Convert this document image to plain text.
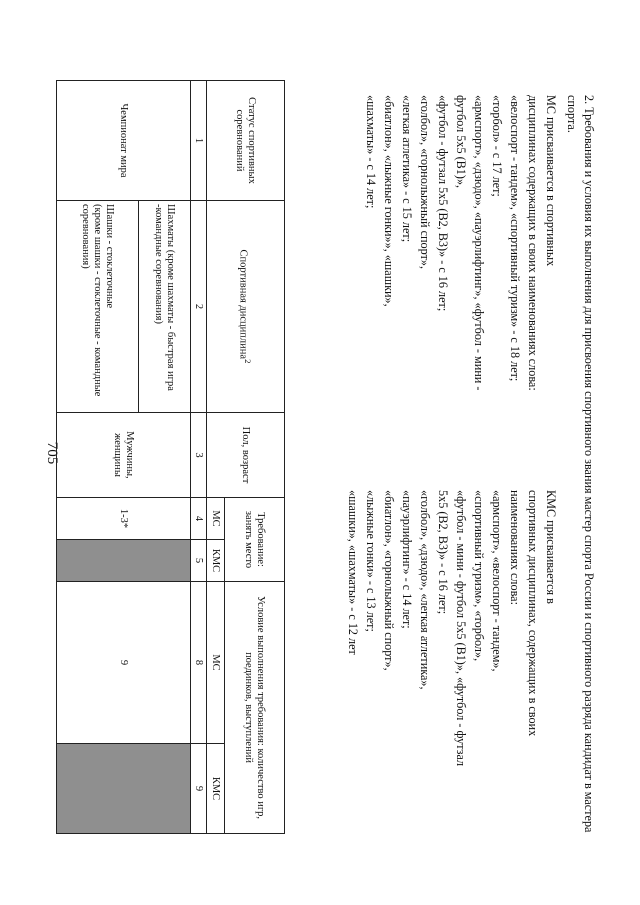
705	2. Требования и условия их выполнения для присвоения спортивного звания мастер спорта России и спортивного разряда кандидат в мастера спорта.
МС присваивается в спортивных
дисциплинах содержащих в своих наименованиях слова:
«велоспорт - тандем», «спортивный туризм» - с 18 лет;
«торбол» - с 17 лет;
«армспорт», «дзюдо», «пауэрлифтинг», «футбол - мини -
футбол 5x5 (B1)»,
«футбол - футзал 5x5 (B2, B3)» - с 16 лет;
«голбол», «горнолыжный спорт»,
«легкая атлетика» - с 15 лет;
«биатлон», «лыжные гонки»», «шашки»,
«шахматы» - с 14 лет;
КМС присваивается в
спортивных дисциплинах, содержащих в своих
наименованиях слова:
«армспорт», «велоспорт - тандем»,
«спортивный туризм», «торбол»,
«футбол - мини - футбол 5x5 (B1)», «футбол - футзал
5x5 (B2, B3)» - с 16 лет;
«голбол», «дзюдо», «легкая атлетика»,
«пауэрлифтинг» - с 14 лет;
«биатлон», «горнолыжный спорт»,
«лыжные гонки» - с 13 лет;
«шашки», «шахматы» - с 12 лет
Статус спортивных соревнований	Спортивная дисциплина$^2$	Пол, возраст	Требование: занять место		Условие выполнения требования: количество игр, поединков, выступлений	
			МС	КМС	МС	КМС
1	2	3	4	5	8	9
Чемпионат мира	Шахматы (кроме шахматы - быстрая игра -командные соревнования)	Мужчины, женщины	1-3*		9	

	Шашки - стоклеточные
(кроме шашки - стоклеточные - командные соревнования)					
